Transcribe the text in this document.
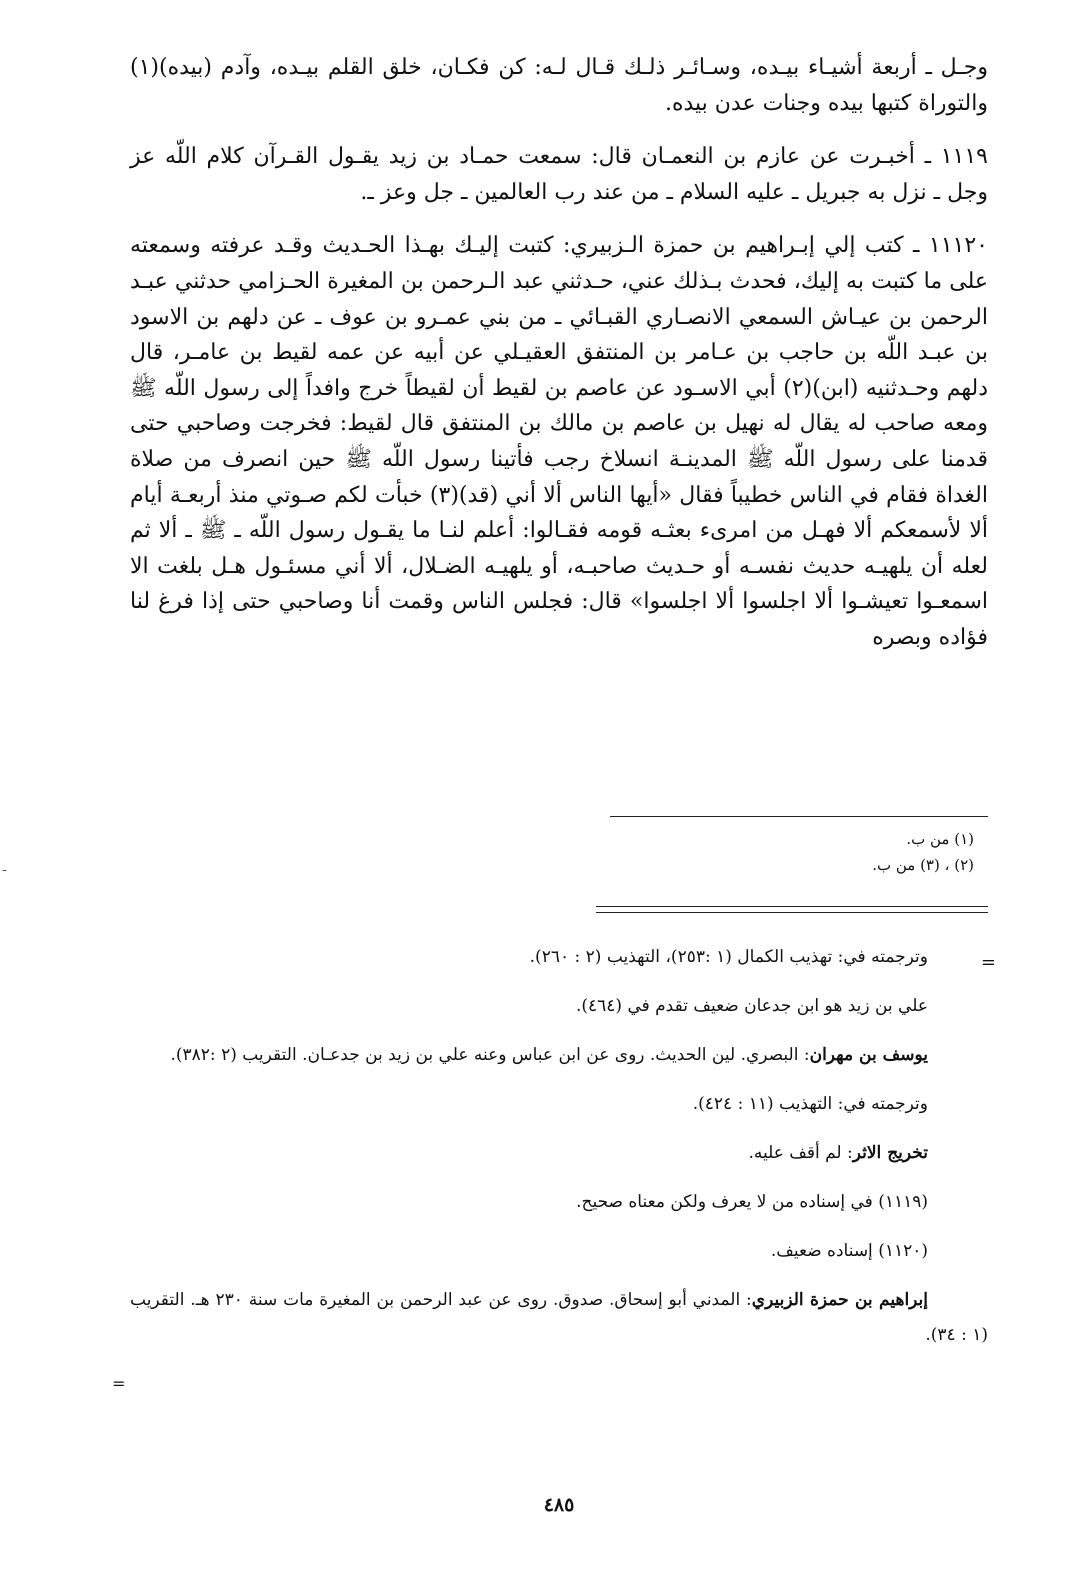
وجـل ـ أربعة أشيـاء بيـده، وسـائـر ذلـك قـال لـه: كن فكـان، خلق القلم بيـده، وآدم (بيده)(١) والتوراة كتبها بيده وجنات عدن بيده.

١١١٩ ـ أخبـرت عن عازم بن النعمـان قال: سمعت حمـاد بن زيد يقـول القـرآن كلام اللّه عز وجل ـ نزل به جبريل ـ عليه السلام ـ من عند رب العالمين ـ جل وعز ـ.

١١١٢٠ ـ كتب إلي إبـراهيم بن حمزة الـزبيري: كتبت إليـك بهـذا الحـديث وقـد عرفته وسمعته على ما كتبت به إليك، فحدث بـذلك عني، حـدثني عبد الـرحمن بن المغيرة الحـزامي حدثني عبـد الرحمن بن عيـاش السمعي الانصـاري القبـائي ـ من بني عمـرو بن عوف ـ عن دلهم بن الاسود بن عبـد اللّه بن حاجب بن عـامر بن المنتفق العقيـلي عن أبيه عن عمه لقيط بن عامـر، قال دلهم وحـدثنيه (ابن)(٢) أبي الاسـود عن عاصم بن لقيط أن لقيطاً خرج وافداً إلى رسول اللّه ﷺ ومعه صاحب له يقال له نهيل بن عاصم بن مالك بن المنتفق قال لقيط: فخرجت وصاحبي حتى قدمنا على رسول اللّه ﷺ المدينـة انسلاخ رجب فأتينا رسول اللّه ﷺ حين انصرف من صلاة الغداة فقام في الناس خطيباً فقال «أيها الناس ألا أني (قد)(٣) خبأت لكم صـوتي منذ أربعـة أيام ألا لأسمعكم ألا فهـل من امرىء بعثـه قومه فقـالوا: أعلم لنـا ما يقـول رسول اللّه ـ ﷺ ـ ألا ثم لعله أن يلهيـه حديث نفسـه أو حـديث صاحبـه، أو يلهيـه الضـلال، ألا أني مسئـول هـل بلغت الا اسمعـوا تعيشـوا ألا اجلسوا ألا اجلسوا» قال: فجلس الناس وقمت أنا وصاحبي حتى إذا فرغ لنا فؤاده وبصره

(١) من ب.
(٢) ، (٣) من ب.
-
=

وترجمته في: تهذيب الكمال (١ :٢٥٣)، التهذيب (٢ : ٢٦٠).

علي بن زيد هو ابن جدعان ضعيف تقدم في (٤٦٤).

يوسف بن مهران: البصري. لين الحديث. روى عن ابن عباس وعنه علي بن زيد بن جدعـان. التقريب (٢ :٣٨٢).

وترجمته في: التهذيب (١١ : ٤٢٤).

تخريج الاثر: لم أقف عليه.

(١١١٩) في إسناده من لا يعرف ولكن معناه صحيح.

(١١٢٠) إسناده ضعيف.

إبراهيم بن حمزة الزبيري: المدني أبو إسحاق. صدوق. روى عن عبد الرحمن بن المغيرة مات سنة ٢٣٠ هـ. التقريب (١ : ٣٤).

=
٤٨٥
